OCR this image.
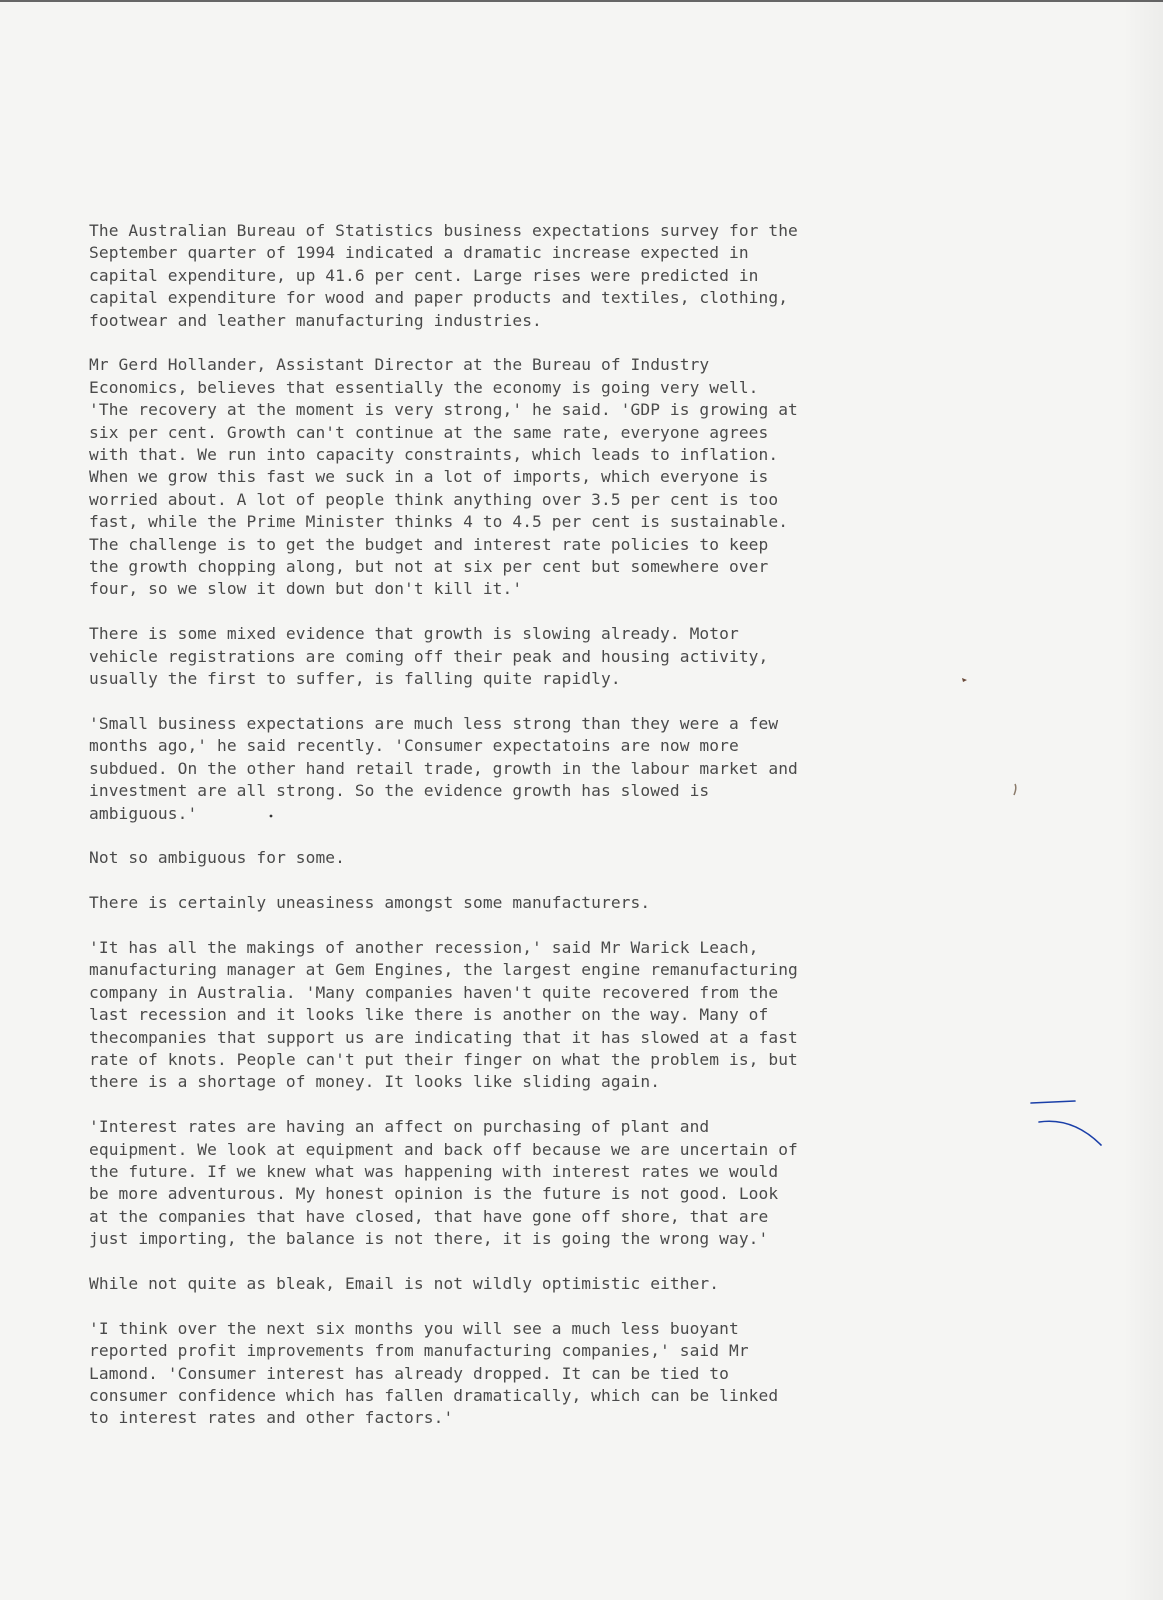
The Australian Bureau of Statistics business expectations survey for the
September quarter of 1994 indicated a dramatic increase expected in
capital expenditure, up 41.6 per cent. Large rises were predicted in
capital expenditure for wood and paper products and textiles, clothing,
footwear and leather manufacturing industries.

Mr Gerd Hollander, Assistant Director at the Bureau of Industry
Economics, believes that essentially the economy is going very well.
'The recovery at the moment is very strong,' he said. 'GDP is growing at
six per cent. Growth can't continue at the same rate, everyone agrees
with that. We run into capacity constraints, which leads to inflation.
When we grow this fast we suck in a lot of imports, which everyone is
worried about. A lot of people think anything over 3.5 per cent is too
fast, while the Prime Minister thinks 4 to 4.5 per cent is sustainable.
The challenge is to get the budget and interest rate policies to keep
the growth chopping along, but not at six per cent but somewhere over
four, so we slow it down but don't kill it.'

There is some mixed evidence that growth is slowing already. Motor
vehicle registrations are coming off their peak and housing activity,
usually the first to suffer, is falling quite rapidly.

'Small business expectations are much less strong than they were a few
months ago,' he said recently. 'Consumer expectatoins are now more
subdued. On the other hand retail trade, growth in the labour market and
investment are all strong. So the evidence growth has slowed is
ambiguous.'

Not so ambiguous for some.

There is certainly uneasiness amongst some manufacturers.

'It has all the makings of another recession,' said Mr Warick Leach,
manufacturing manager at Gem Engines, the largest engine remanufacturing
company in Australia. 'Many companies haven't quite recovered from the
last recession and it looks like there is another on the way. Many of
thecompanies that support us are indicating that it has slowed at a fast
rate of knots. People can't put their finger on what the problem is, but
there is a shortage of money. It looks like sliding again.

'Interest rates are having an affect on purchasing of plant and
equipment. We look at equipment and back off because we are uncertain of
the future. If we knew what was happening with interest rates we would
be more adventurous. My honest opinion is the future is not good. Look
at the companies that have closed, that have gone off shore, that are
just importing, the balance is not there, it is going the wrong way.'

While not quite as bleak, Email is not wildly optimistic either.

'I think over the next six months you will see a much less buoyant
reported profit improvements from manufacturing companies,' said Mr
Lamond. 'Consumer interest has already dropped. It can be tied to
consumer confidence which has fallen dramatically, which can be linked
to interest rates and other factors.'
